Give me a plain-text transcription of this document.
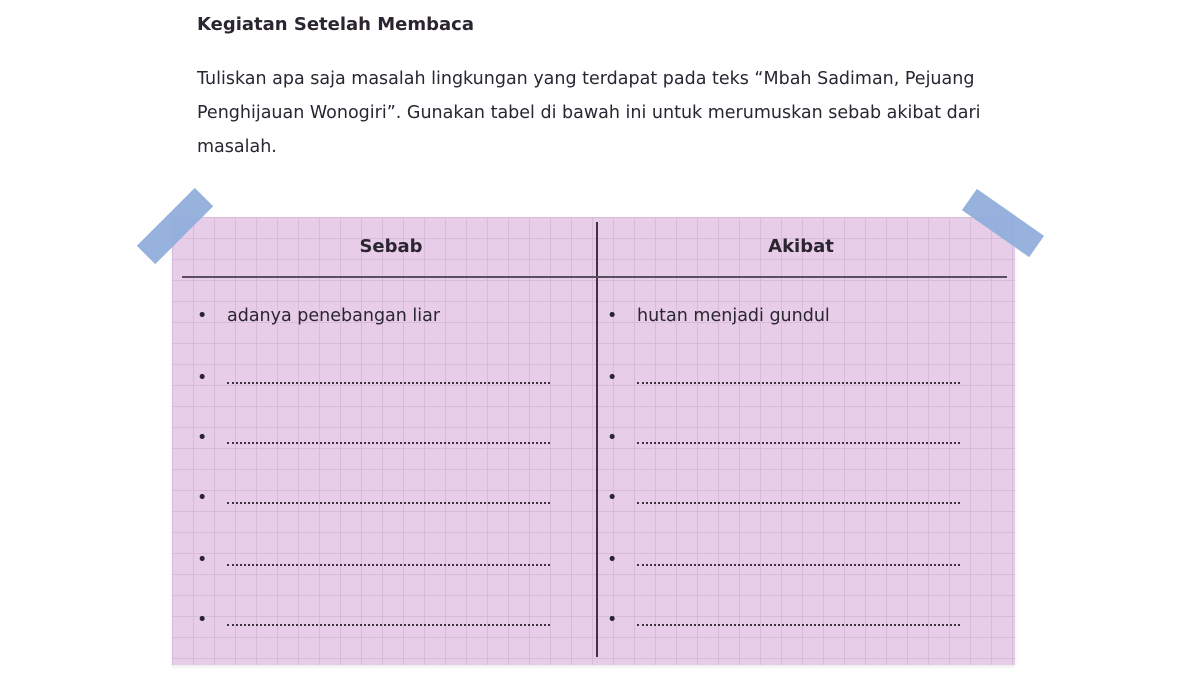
Kegiatan Setelah Membaca
Tuliskan apa saja masalah lingkungan yang terdapat pada teks “Mbah Sadiman, Pejuang Penghijauan Wonogiri”. Gunakan tabel di bawah ini untuk merumuskan sebab akibat dari masalah.
Sebab	Akibat
• adanya penebangan liar
•
•
•
•
•
• hutan menjadi gundul
•
•
•
•
•
